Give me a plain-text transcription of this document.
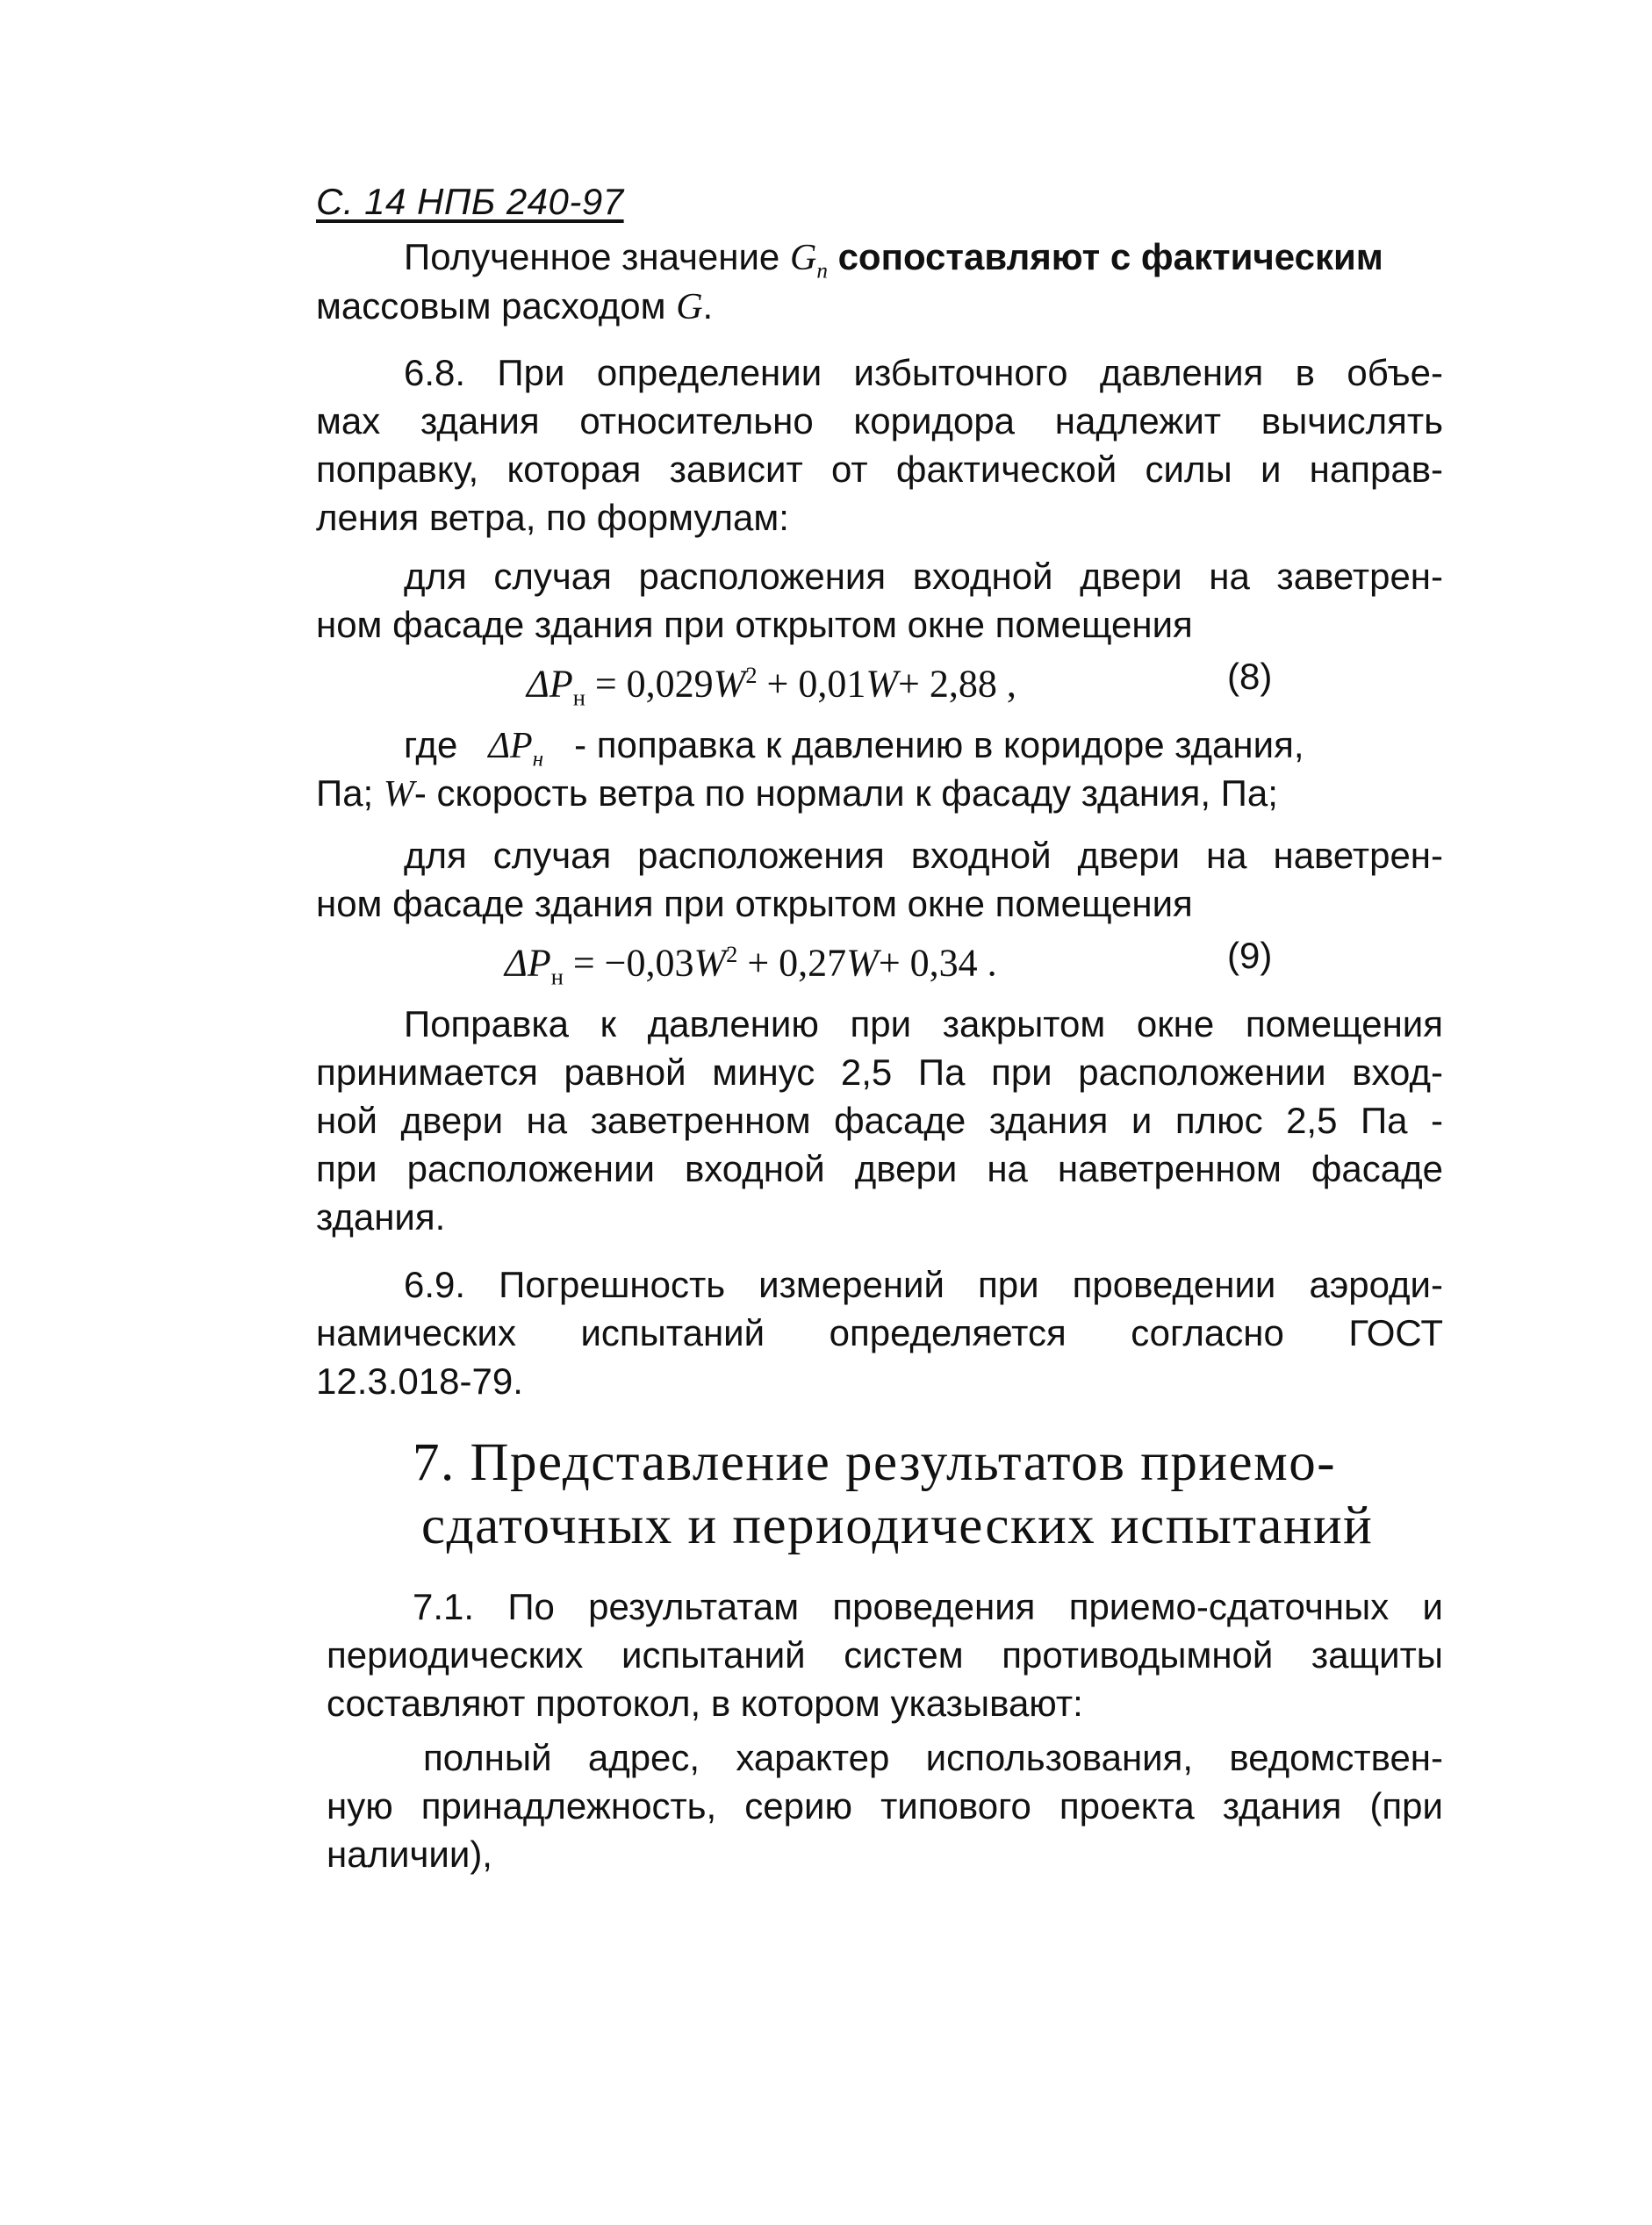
С. 14 НПБ 240-97
Полученное значение $G_п$ сопоставляют с фактическим
массовым расходом G.
6.8. При определении избыточного давления в объе-
мах здания относительно коридора надлежит вычислять
поправку, которая зависит от фактической силы и направ-
ления ветра, по формулам:
для случая расположения входной двери на заветрен-
ном фасаде здания при открытом окне помещения
$\Delta P_н = 0,029W^2 + 0,01W+ 2,88$ ,	(8)
где $\Delta P_н$ - поправка к давлению в коридоре здания,
Па; W- скорость ветра по нормали к фасаду здания, Па;
для случая расположения входной двери на наветрен-
ном фасаде здания при открытом окне помещения
$\Delta P_н = -0,03W^2 + 0,27W+ 0,34$ .	(9)
Поправка к давлению при закрытом окне помещения
принимается равной минус 2,5 Па при расположении вход-
ной двери на заветренном фасаде здания и плюс 2,5 Па -
при расположении входной двери на наветренном фасаде
здания.
6.9. Погрешность измерений при проведении аэроди-
намических испытаний определяется согласно ГОСТ
12.3.018-79.
7. Представление результатов приемо-
сдаточных и периодических испытаний
7.1. По результатам проведения приемо-сдаточных и
периодических испытаний систем противодымной защиты
составляют протокол, в котором указывают:
полный адрес, характер использования, ведомствен-
ную принадлежность, серию типового проекта здания (при
наличии),
